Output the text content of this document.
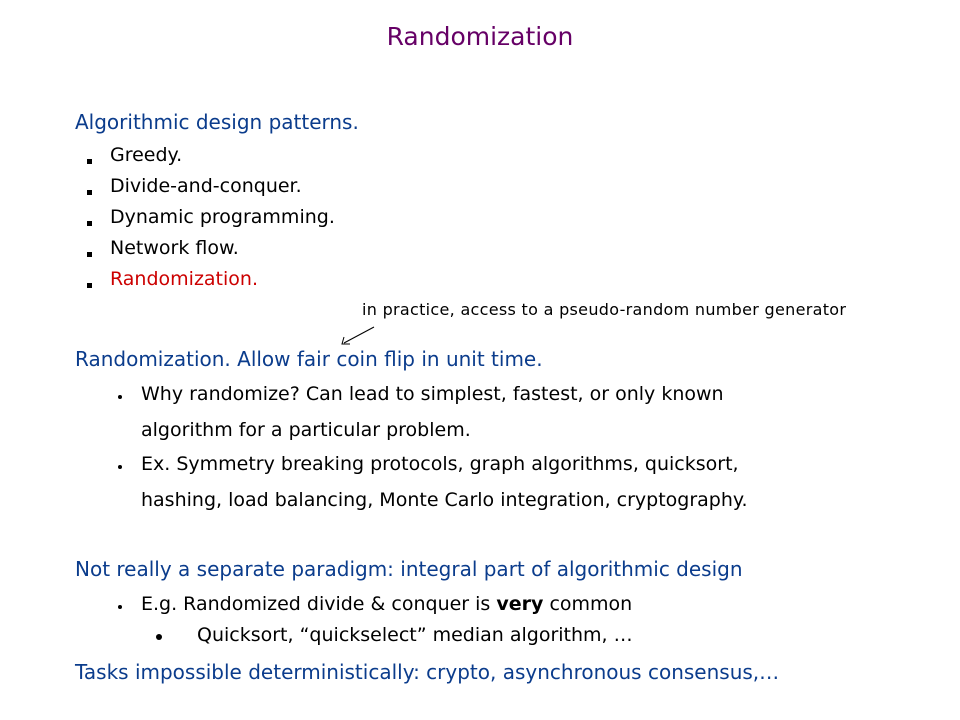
Randomization
Algorithmic design patterns.
Greedy.
Divide-and-conquer.
Dynamic programming.
Network flow.
Randomization.
in practice, access to a pseudo-random number generator
Randomization. Allow fair coin flip in unit time.
Why randomize? Can lead to simplest, fastest, or only known
algorithm for a particular problem.
Ex. Symmetry breaking protocols, graph algorithms, quicksort,
hashing, load balancing, Monte Carlo integration, cryptography.
Not really a separate paradigm: integral part of algorithmic design
E.g. Randomized divide & conquer is very common
Quicksort, “quickselect” median algorithm, …
Tasks impossible deterministically: crypto, asynchronous consensus,…
